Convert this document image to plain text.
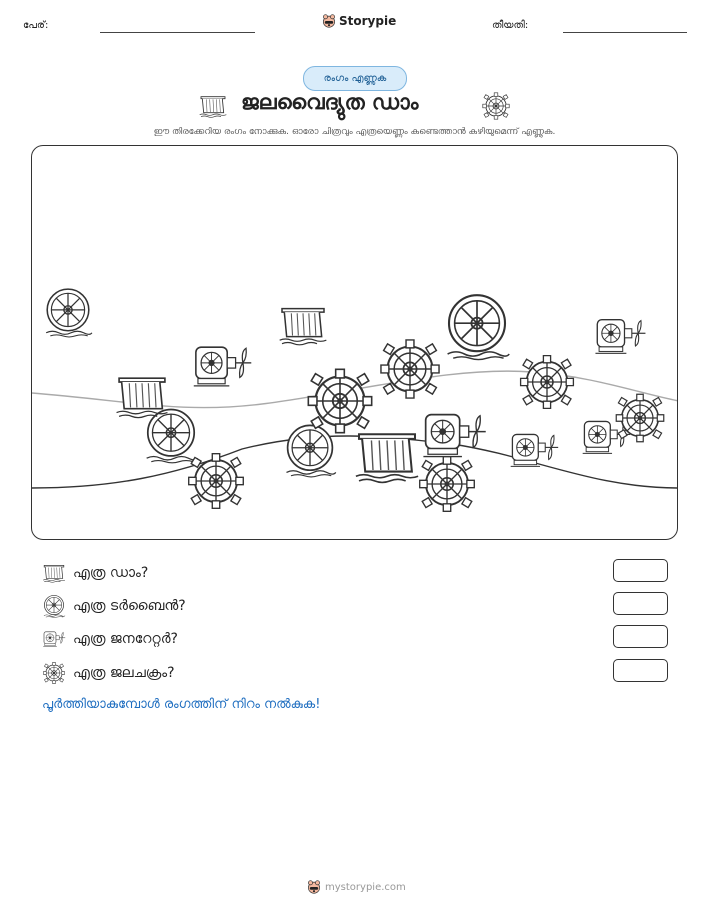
പേര്:	Storypie	തീയതി:
രംഗം എണ്ണുക
ജലവൈദ്യുത ഡാം
ഈ തിരക്കേറിയ രംഗം നോക്കുക. ഓരോ ചിത്രവും എത്രയെണ്ണം കണ്ടെത്താൻ കഴിയുമെന്ന് എണ്ണുക.
എത്ര ഡാം?
എത്ര ടർബൈൻ?
എത്ര ജനറേറ്റർ?
എത്ര ജലചക്രം?
പൂർത്തിയാകുമ്പോൾ രംഗത്തിന് നിറം നൽകുക!
mystorypie.com
